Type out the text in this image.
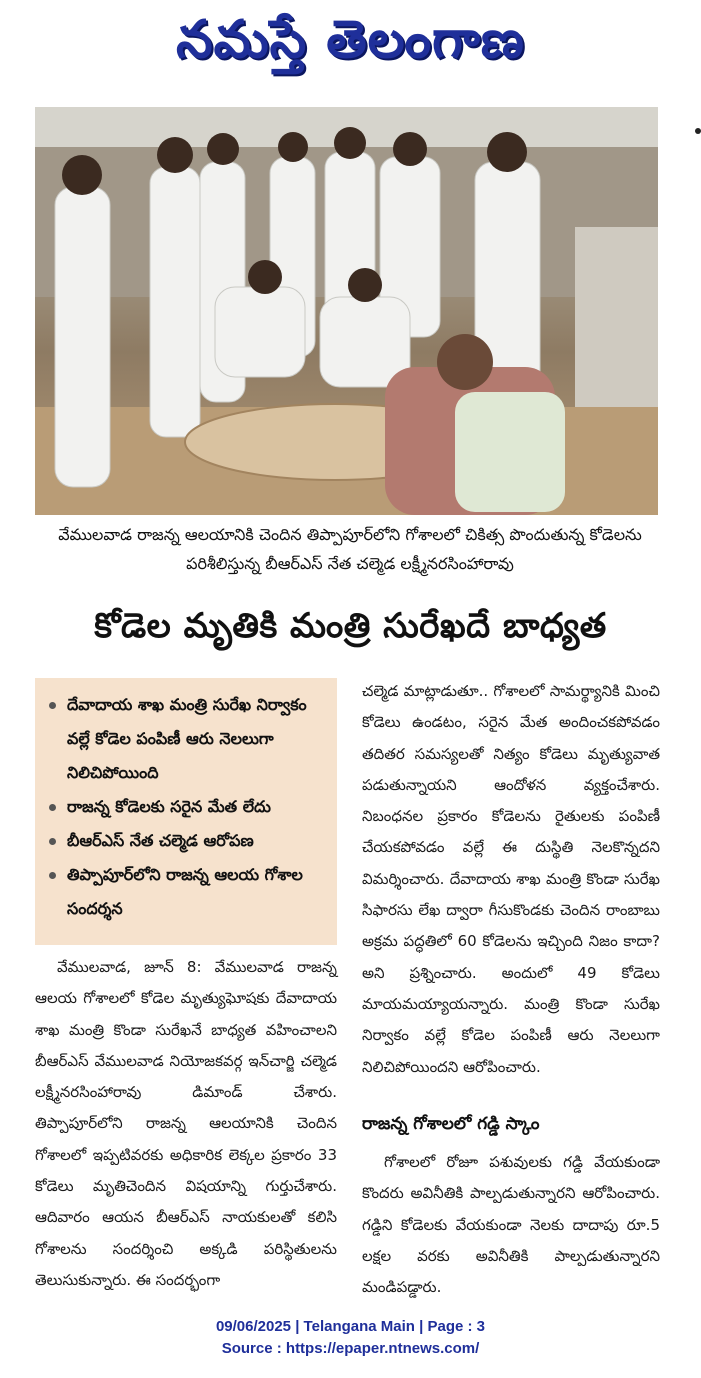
నమస్తే తెలంగాణ
వేములవాడ రాజన్న ఆలయానికి చెందిన తిప్పాపూర్‌లోని గోశాలలో చికిత్స పొందుతున్న కోడెలను పరిశీలిస్తున్న బీఆర్‌ఎస్ నేత చల్మెడ లక్ష్మీనరసింహారావు
కోడెల మృతికి మంత్రి సురేఖదే బాధ్యత
దేవాదాయ శాఖ మంత్రి సురేఖ నిర్వాకం వల్లే కోడెల పంపిణీ ఆరు నెలలుగా నిలిచిపోయింది
రాజన్న కోడెలకు సరైన మేత లేదు
బీఆర్‌ఎస్ నేత చల్మెడ ఆరోపణ
తిప్పాపూర్‌లోని రాజన్న ఆలయ గోశాల సందర్శన
వేములవాడ, జూన్ 8: వేములవాడ రాజన్న ఆలయ గోశాలలో కోడెల మృత్యుఘోషకు దేవాదాయ శాఖ మంత్రి కొండా సురేఖనే బాధ్యత వహించాలని బీఆర్‌ఎస్ వేములవాడ నియోజకవర్గ ఇన్‌చార్జి చల్మెడ లక్ష్మీనరసింహారావు డిమాండ్ చేశారు. తిప్పాపూర్‌లోని రాజన్న ఆలయానికి చెందిన గోశాలలో ఇప్పటివరకు అధికారిక లెక్కల ప్రకారం 33 కోడెలు మృతిచెందిన విషయాన్ని గుర్తుచేశారు. ఆదివారం ఆయన బీఆర్‌ఎస్ నాయకులతో కలిసి గోశాలను సందర్శించి అక్కడి పరిస్థితులను తెలుసుకున్నారు. ఈ సందర్భంగా
చల్మెడ మాట్లాడుతూ.. గోశాలలో సామర్థ్యానికి మించి కోడెలు ఉండటం, సరైన మేత అందించకపోవడం తదితర సమస్యలతో నిత్యం కోడెలు మృత్యువాత పడుతున్నాయని ఆందోళన వ్యక్తంచేశారు. నిబంధనల ప్రకారం కోడెలను రైతులకు పంపిణీ చేయకపోవడం వల్లే ఈ దుస్థితి నెలకొన్నదని విమర్శించారు. దేవాదాయ శాఖ మంత్రి కొండా సురేఖ సిఫారసు లేఖ ద్వారా గీసుకొండకు చెందిన రాంబాబు అక్రమ పద్ధతిలో 60 కోడెలను ఇచ్చింది నిజం కాదా? అని ప్రశ్నించారు. అందులో 49 కోడెలు మాయమయ్యాయన్నారు. మంత్రి కొండా సురేఖ నిర్వాకం వల్లే కోడెల పంపిణీ ఆరు నెలలుగా నిలిచిపోయిందని ఆరోపించారు.
రాజన్న గోశాలలో గడ్డి స్కాం
గోశాలలో రోజూ పశువులకు గడ్డి వేయకుండా కొందరు అవినీతికి పాల్పడుతున్నారని ఆరోపించారు. గడ్డిని కోడెలకు వేయకుండా నెలకు దాదాపు రూ.5 లక్షల వరకు అవినీతికి పాల్పడుతున్నారని మండిపడ్డారు.
09/06/2025 | Telangana Main | Page : 3
Source : https://epaper.ntnews.com/
